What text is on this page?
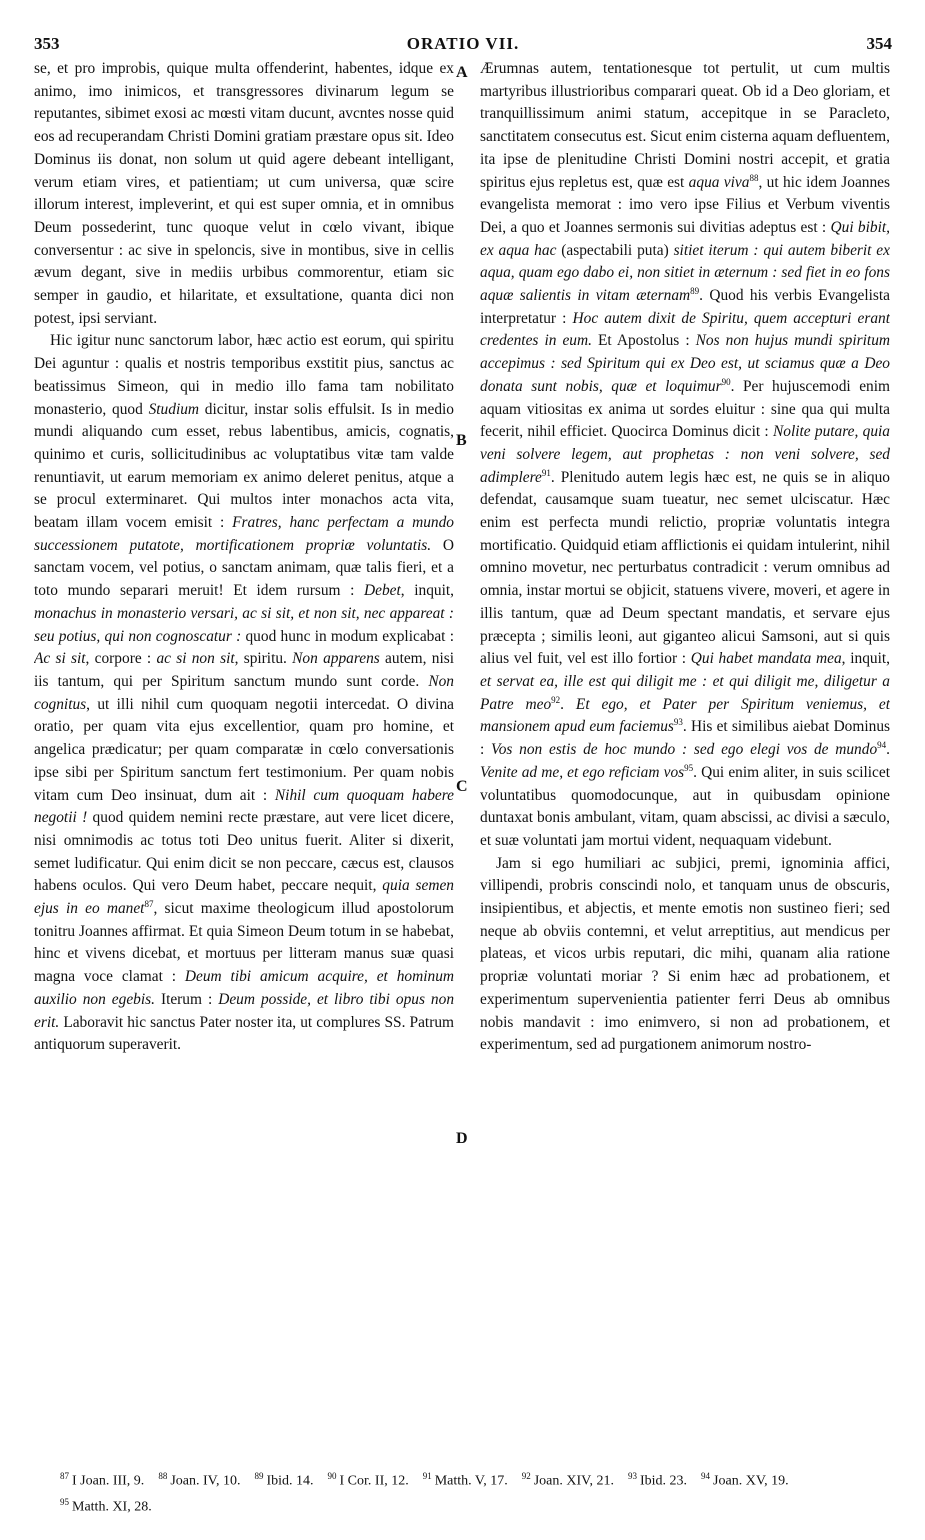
353	ORATIO VII.	354

se, et pro improbis, quique multa offenderint, habentes, idque ex animo, imo inimicos, et transgressores divinarum legum se reputantes, sibimet exosi ac mœsti vitam ducunt, avcntes nosse quid eos ad recuperandam Christi Domini gratiam præstare opus sit. Ideo Dominus iis donat, non solum ut quid agere debeant intelligant, verum etiam vires, et patientiam; ut cum universa, quæ scire illorum interest, impleverint, et qui est super omnia, et in omnibus Deum possederint, tunc quoque velut in cœlo vivant, ibique conversentur : ac sive in speloncis, sive in montibus, sive in cellis ævum degant, sive in mediis urbibus commorentur, etiam sic semper in gaudio, et hilaritate, et exsultatione, quanta dici non potest, ipsi serviant.

Hic igitur nunc sanctorum labor, hæc actio est eorum, qui spiritu Dei aguntur : qualis et nostris temporibus exstitit pius, sanctus ac beatissimus Simeon, qui in medio illo fama tam nobilitato monasterio, quod Studium dicitur, instar solis effulsit. Is in medio mundi aliquando cum esset, rebus labentibus, amicis, cognatis, quinimo et curis, sollicitudinibus ac voluptatibus vitæ tam valde renuntiavit, ut earum memoriam ex animo deleret penitus, atque a se procul exterminaret. Qui multos inter monachos acta vita, beatam illam vocem emisit : Fratres, hanc perfectam a mundo successionem putatote, mortificationem propriæ voluntatis. O sanctam vocem, vel potius, o sanctam animam, quæ talis fieri, et a toto mundo separari meruit! Et idem rursum : Debet, inquit, monachus in monasterio versari, ac si sit, et non sit, nec appareat : seu potius, qui non cognoscatur : quod hunc in modum explicabat : Ac si sit, corpore : ac si non sit, spiritu. Non apparens autem, nisi iis tantum, qui per Spiritum sanctum mundo sunt corde. Non cognitus, ut illi nihil cum quoquam negotii intercedat. O divina oratio, per quam vita ejus excellentior, quam pro homine, et angelica prædicatur; per quam comparatæ in cœlo conversationis ipse sibi per Spiritum sanctum fert testimonium. Per quam nobis vitam cum Deo insinuat, dum ait : Nihil cum quoquam habere negotii ! quod quidem nemini recte præstare, aut vere licet dicere, nisi omnimodis ac totus toti Deo unitus fuerit. Aliter si dixerit, semet ludificatur. Qui enim dicit se non peccare, cæcus est, clausos habens oculos. Qui vero Deum habet, peccare nequit, quia semen ejus in eo manet$^{87}$, sicut maxime theologicum illud apostolorum tonitru Joannes affirmat. Et quia Simeon Deum totum in se habebat, hinc et vivens dicebat, et mortuus per litteram manus suæ quasi magna voce clamat : Deum tibi amicum acquire, et hominum auxilio non egebis. Iterum : Deum posside, et libro tibi opus non erit. Laboravit hic sanctus Pater noster ita, ut complures SS. Patrum antiquorum superaverit.

A
B
C
D

Ærumnas autem, tentationesque tot pertulit, ut cum multis martyribus illustrioribus comparari queat. Ob id a Deo gloriam, et tranquillissimum animi statum, accepitque in se Paracleto, sanctitatem consecutus est. Sicut enim cisterna aquam defluentem, ita ipse de plenitudine Christi Domini nostri accepit, et gratia spiritus ejus repletus est, quæ est aqua viva$^{88}$, ut hic idem Joannes evangelista memorat : imo vero ipse Filius et Verbum viventis Dei, a quo et Joannes sermonis sui divitias adeptus est : Qui bibit, ex aqua hac (aspectabili puta) sitiet iterum : qui autem biberit ex aqua, quam ego dabo ei, non sitiet in æternum : sed fiet in eo fons aquæ salientis in vitam æternam$^{89}$. Quod his verbis Evangelista interpretatur : Hoc autem dixit de Spiritu, quem accepturi erant credentes in eum. Et Apostolus : Nos non hujus mundi spiritum accepimus : sed Spiritum qui ex Deo est, ut sciamus quæ a Deo donata sunt nobis, quæ et loquimur$^{90}$. Per hujuscemodi enim aquam vitiositas ex anima ut sordes eluitur : sine qua qui multa fecerit, nihil efficiet. Quocirca Dominus dicit : Nolite putare, quia veni solvere legem, aut prophetas : non veni solvere, sed adimplere$^{91}$. Plenitudo autem legis hæc est, ne quis se in aliquo defendat, causamque suam tueatur, nec semet ulciscatur. Hæc enim est perfecta mundi relictio, propriæ voluntatis integra mortificatio. Quidquid etiam afflictionis ei quidam intulerint, nihil omnino movetur, nec perturbatus contradicit : verum omnibus ad omnia, instar mortui se objicit, statuens vivere, moveri, et agere in illis tantum, quæ ad Deum spectant mandatis, et servare ejus præcepta ; similis leoni, aut giganteo alicui Samsoni, aut si quis alius vel fuit, vel est illo fortior : Qui habet mandata mea, inquit, et servat ea, ille est qui diligit me : et qui diligit me, diligetur a Patre meo$^{92}$. Et ego, et Pater per Spiritum veniemus, et mansionem apud eum faciemus$^{93}$. His et similibus aiebat Dominus : Vos non estis de hoc mundo : sed ego elegi vos de mundo$^{94}$. Venite ad me, et ego reficiam vos$^{95}$. Qui enim aliter, in suis scilicet voluntatibus quomodocunque, aut in quibusdam opinione duntaxat bonis ambulant, vitam, quam abscissi, ac divisi a sæculo, et suæ voluntati jam mortui vident, nequaquam videbunt.

Jam si ego humiliari ac subjici, premi, ignominia affici, villipendi, probris conscindi nolo, et tanquam unus de obscuris, insipientibus, et abjectis, et mente emotis non sustineo fieri; sed neque ab obviis contemni, et velut arreptitius, aut mendicus per plateas, et vicos urbis reputari, dic mihi, quanam alia ratione propriæ voluntati moriar ? Si enim hæc ad probationem, et experimentum supervenientia patienter ferri Deus ab omnibus nobis mandavit : imo enimvero, si non ad probationem, et experimentum, sed ad purgationem animorum nostro-

$^{87}$ I Joan. III, 9. $^{88}$ Joan. IV, 10. $^{89}$ Ibid. 14. $^{90}$ I Cor. II, 12. $^{91}$ Matth. V, 17. $^{92}$ Joan. XIV, 21. $^{93}$ Ibid. 23. $^{94}$ Joan. XV, 19.95 Matth. XI, 28.
